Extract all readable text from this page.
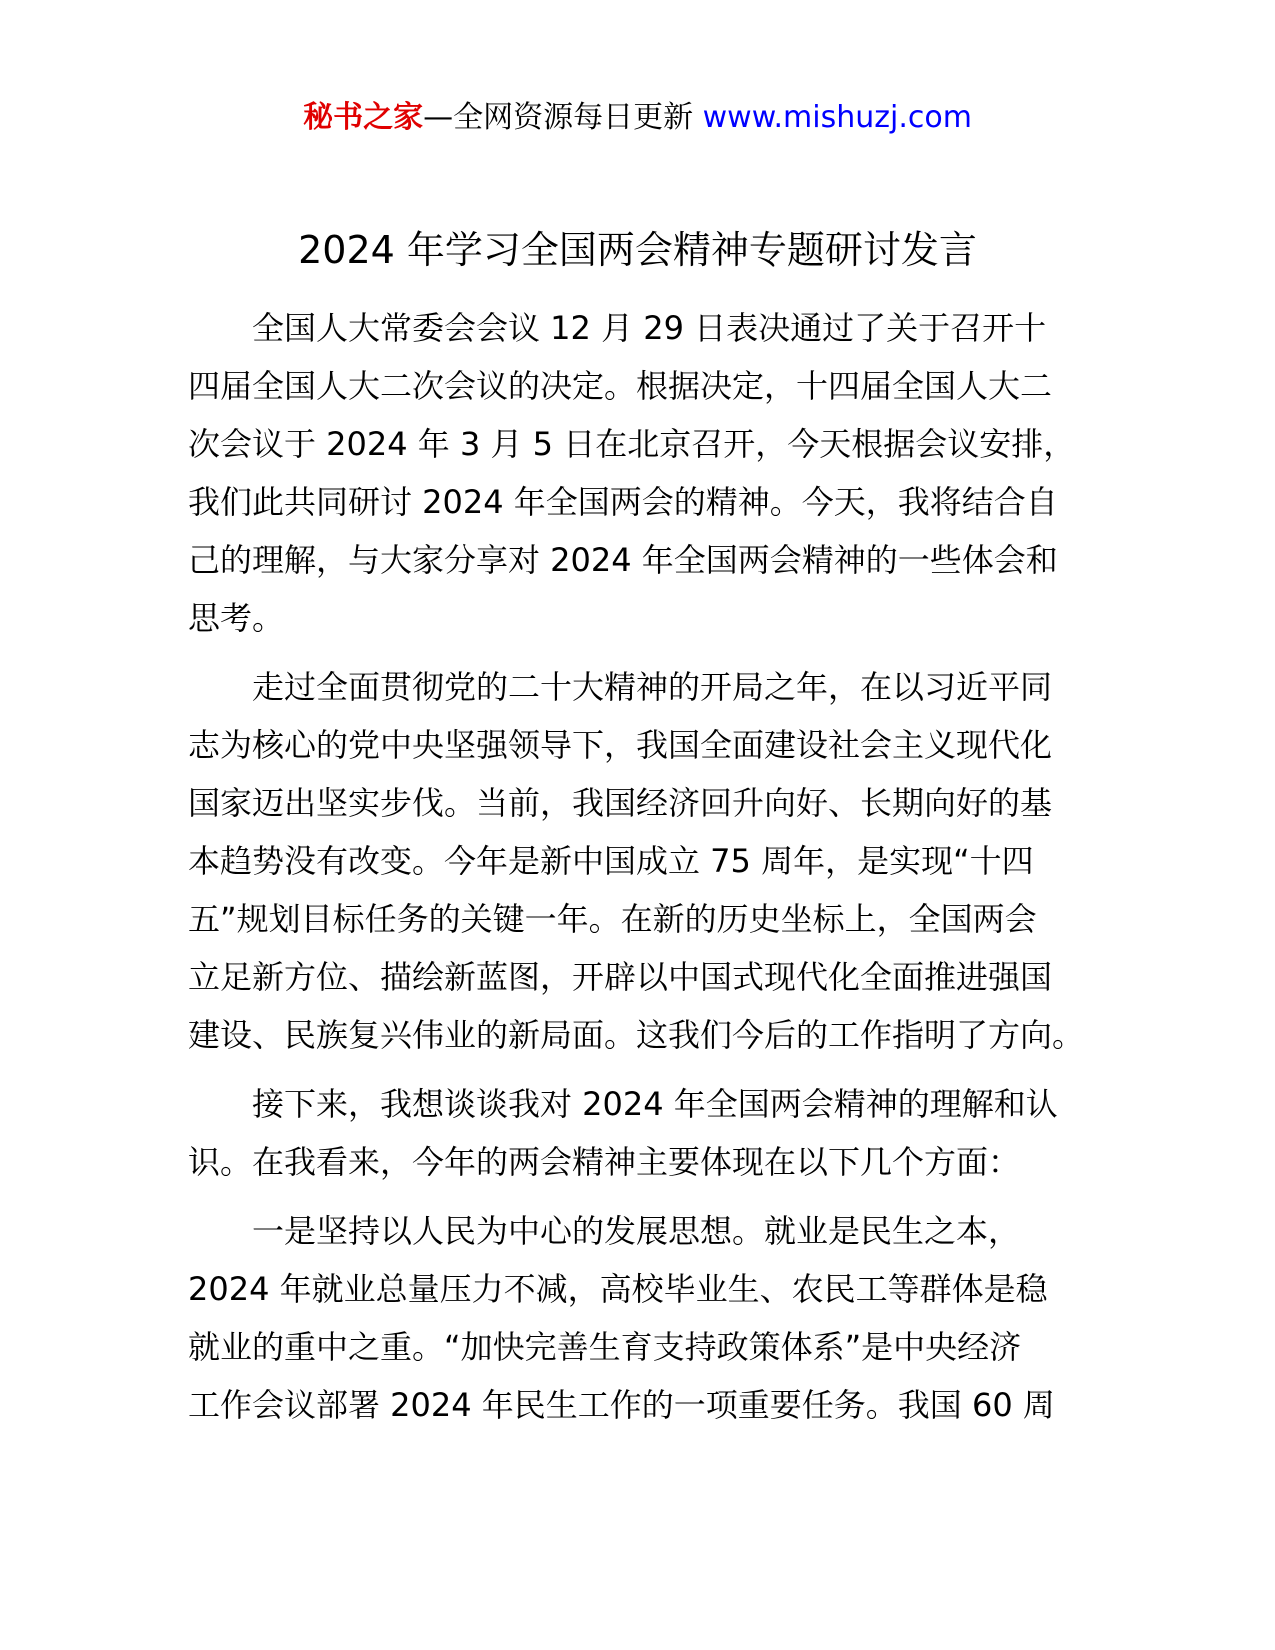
秘书之家—全网资源每日更新 www.mishuzj.com
2024 年学习全国两会精神专题研讨发言
全国人大常委会会议 12 月 29 日表决通过了关于召开十
四届全国人大二次会议的决定。根据决定，十四届全国人大二
次会议于 2024 年 3 月 5 日在北京召开，今天根据会议安排，
我们此共同研讨 2024 年全国两会的精神。今天，我将结合自
己的理解，与大家分享对 2024 年全国两会精神的一些体会和
思考。
走过全面贯彻党的二十大精神的开局之年，在以习近平同
志为核心的党中央坚强领导下，我国全面建设社会主义现代化
国家迈出坚实步伐。当前，我国经济回升向好、长期向好的基
本趋势没有改变。今年是新中国成立 75 周年，是实现“十四
五”规划目标任务的关键一年。在新的历史坐标上，全国两会
立足新方位、描绘新蓝图，开辟以中国式现代化全面推进强国
建设、民族复兴伟业的新局面。这我们今后的工作指明了方向。
接下来，我想谈谈我对 2024 年全国两会精神的理解和认
识。在我看来，今年的两会精神主要体现在以下几个方面：
一是坚持以人民为中心的发展思想。就业是民生之本，
2024 年就业总量压力不减，高校毕业生、农民工等群体是稳
就业的重中之重。“加快完善生育支持政策体系”是中央经济
工作会议部署 2024 年民生工作的一项重要任务。我国 60 周
